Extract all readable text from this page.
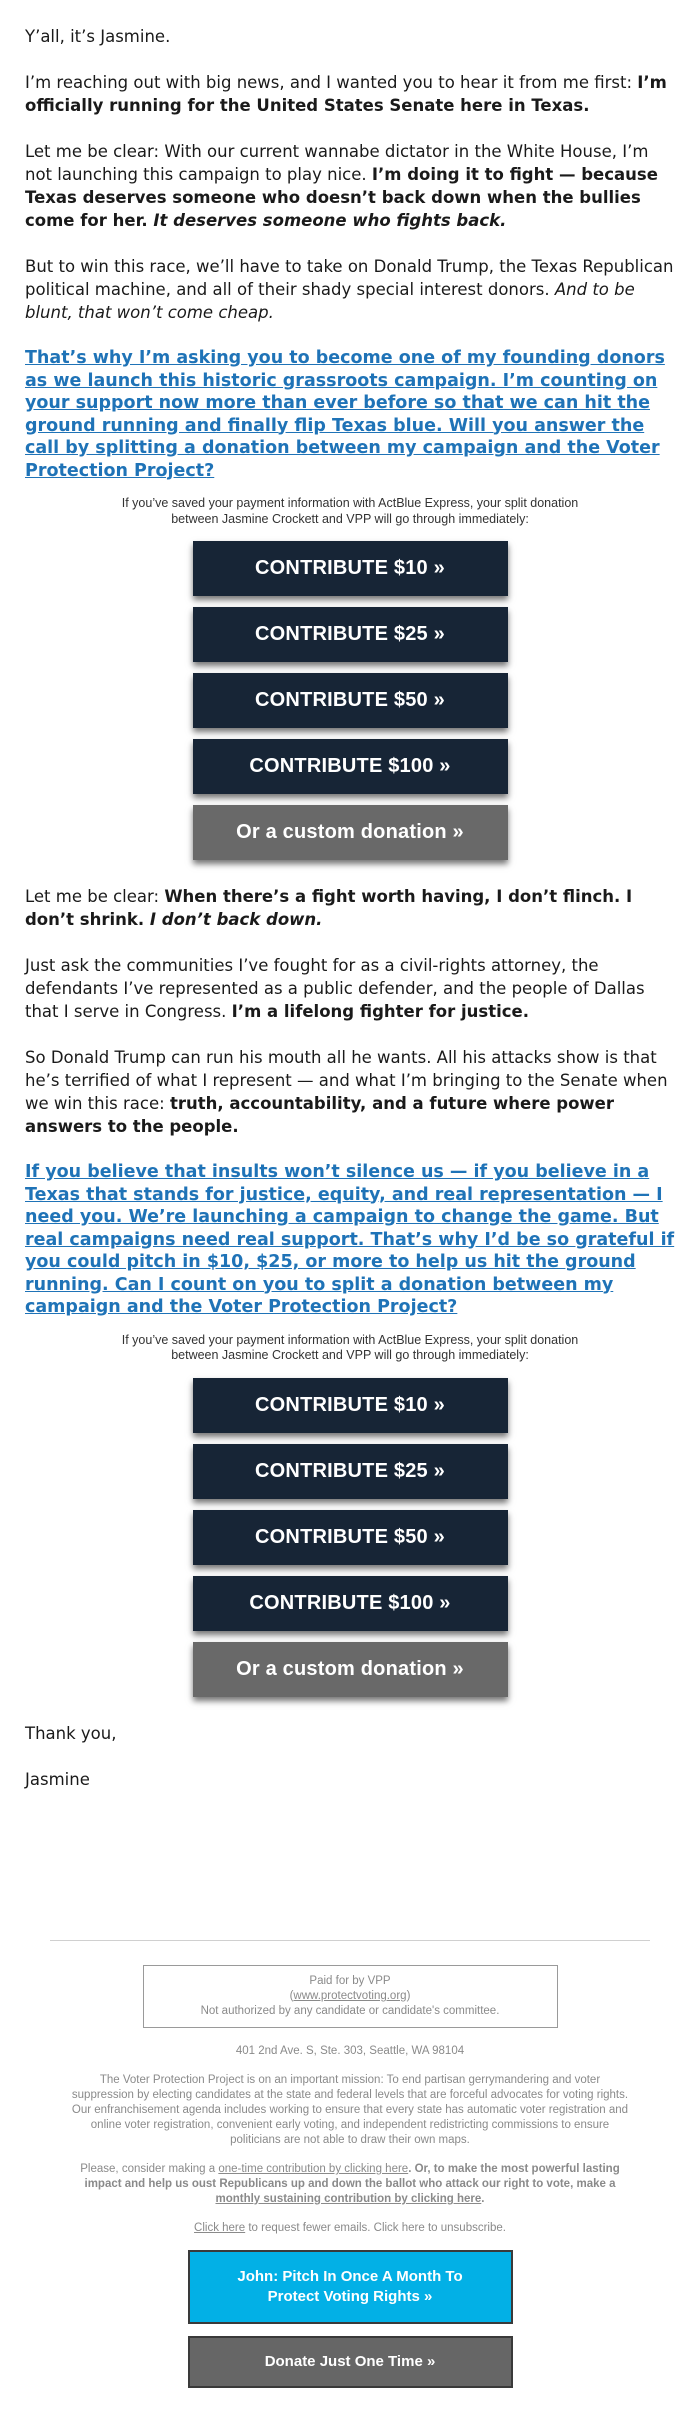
Y’all, it’s Jasmine.

I’m reaching out with big news, and I wanted you to hear it from me first: I’m officially running for the United States Senate here in Texas.

Let me be clear: With our current wannabe dictator in the White House, I’m not launching this campaign to play nice. I’m doing it to fight — because Texas deserves someone who doesn’t back down when the bullies come for her. It deserves someone who fights back.

But to win this race, we’ll have to take on Donald Trump, the Texas Republican political machine, and all of their shady special interest donors. And to be blunt, that won’t come cheap.

That’s why I’m asking you to become one of my founding donors as we launch this historic grassroots campaign. I’m counting on your support now more than ever before so that we can hit the ground running and finally flip Texas blue. Will you answer the call by splitting a donation between my campaign and the Voter Protection Project?

If you’ve saved your payment information with ActBlue Express, your split donation between Jasmine Crockett and VPP will go through immediately:

CONTRIBUTE $10 »
CONTRIBUTE $25 »
CONTRIBUTE $50 »
CONTRIBUTE $100 »
Or a custom donation »

Let me be clear: When there’s a fight worth having, I don’t flinch. I don’t shrink. I don’t back down.

Just ask the communities I’ve fought for as a civil-rights attorney, the defendants I’ve represented as a public defender, and the people of Dallas that I serve in Congress. I’m a lifelong fighter for justice.

So Donald Trump can run his mouth all he wants. All his attacks show is that he’s terrified of what I represent — and what I’m bringing to the Senate when we win this race: truth, accountability, and a future where power answers to the people.

If you believe that insults won’t silence us — if you believe in a Texas that stands for justice, equity, and real representation — I need you. We’re launching a campaign to change the game. But real campaigns need real support. That’s why I’d be so grateful if you could pitch in $10, $25, or more to help us hit the ground running. Can I count on you to split a donation between my campaign and the Voter Protection Project?

If you’ve saved your payment information with ActBlue Express, your split donation between Jasmine Crockett and VPP will go through immediately:

CONTRIBUTE $10 »
CONTRIBUTE $25 »
CONTRIBUTE $50 »
CONTRIBUTE $100 »
Or a custom donation »

Thank you,

Jasmine

Paid for by VPP
(www.protectvoting.org)
Not authorized by any candidate or candidate's committee.

401 2nd Ave. S, Ste. 303, Seattle, WA 98104

The Voter Protection Project is on an important mission: To end partisan gerrymandering and voter suppression by electing candidates at the state and federal levels that are forceful advocates for voting rights. Our enfranchisement agenda includes working to ensure that every state has automatic voter registration and online voter registration, convenient early voting, and independent redistricting commissions to ensure politicians are not able to draw their own maps.

Please, consider making a one-time contribution by clicking here. Or, to make the most powerful lasting impact and help us oust Republicans up and down the ballot who attack our right to vote, make a monthly sustaining contribution by clicking here.

Click here to request fewer emails. Click here to unsubscribe.

John: Pitch In Once A Month To Protect Voting Rights »
Donate Just One Time »
